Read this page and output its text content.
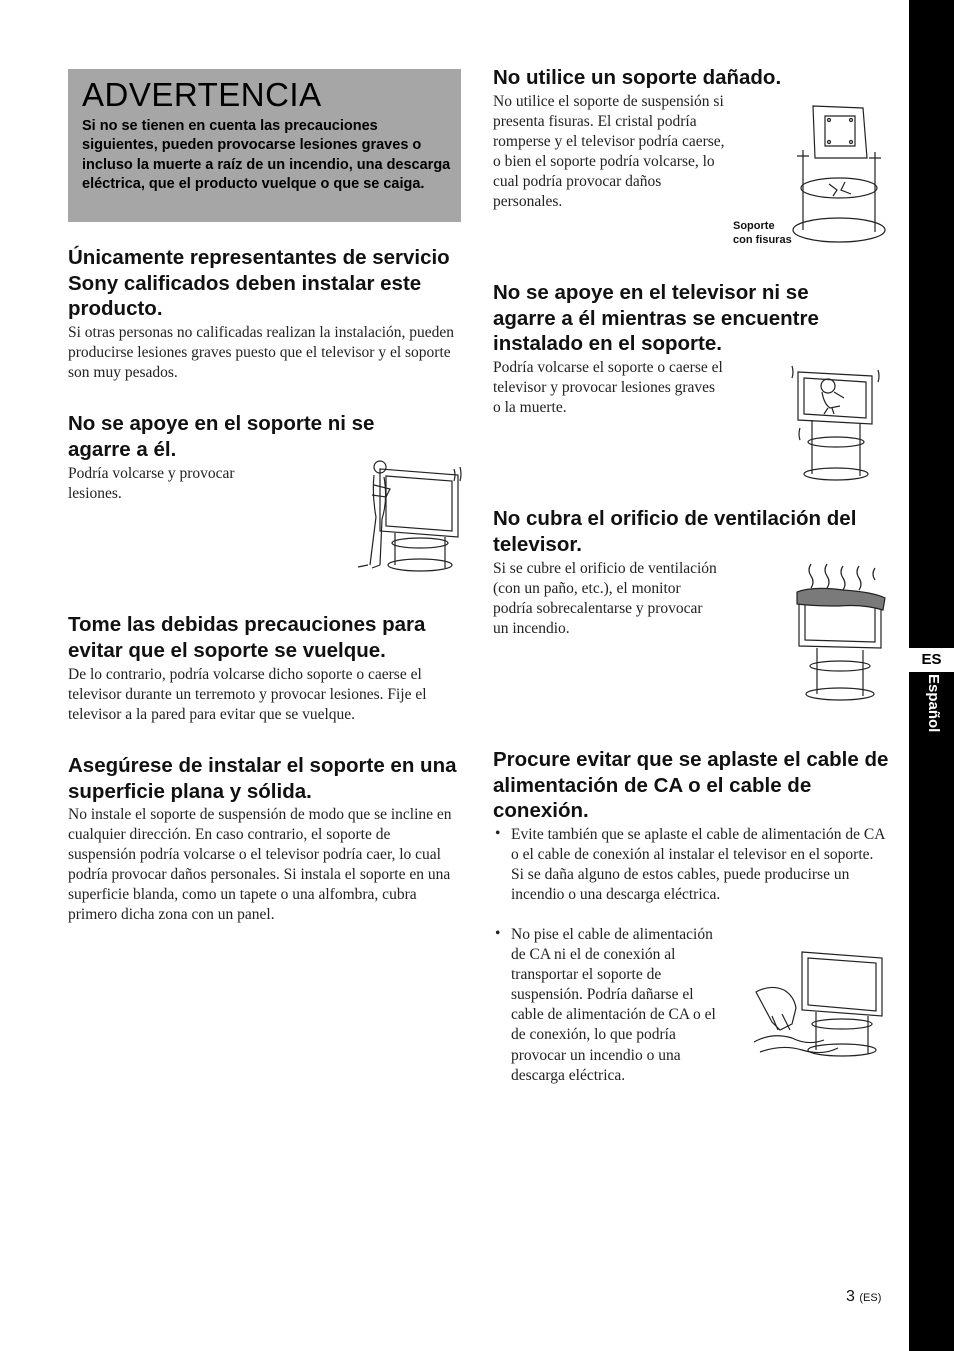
ES
Español
ADVERTENCIA

Si no se tienen en cuenta las precauciones siguientes, pueden provocarse lesiones graves o incluso la muerte a raíz de un incendio, una descarga eléctrica, que el producto vuelque o que se caiga.

Únicamente representantes de servicio Sony calificados deben instalar este producto.

Si otras personas no calificadas realizan la instalación, pueden producirse lesiones graves puesto que el televisor y el soporte son muy pesados.

No se apoye en el soporte ni se agarre a él.

Podría volcarse y provocar lesiones.

Tome las debidas precauciones para evitar que el soporte se vuelque.

De lo contrario, podría volcarse dicho soporte o caerse el televisor durante un terremoto y provocar lesiones. Fije el televisor a la pared para evitar que se vuelque.

Asegúrese de instalar el soporte en una superficie plana y sólida.

No instale el soporte de suspensión de modo que se incline en cualquier dirección. En caso contrario, el soporte de suspensión podría volcarse o el televisor podría caer, lo cual podría provocar daños personales. Si instala el soporte en una superficie blanda, como un tapete o una alfombra, cubra primero dicha zona con un panel.

No utilice un soporte dañado.

No utilice el soporte de suspensión si presenta fisuras. El cristal podría romperse y el televisor podría caerse, o bien el soporte podría volcarse, lo cual podría provocar daños personales.

Soporte
con fisuras
No se apoye en el televisor ni se agarre a él mientras se encuentre instalado en el soporte.

Podría volcarse el soporte o caerse el televisor y provocar lesiones graves o la muerte.

No cubra el orificio de ventilación del televisor.

Si se cubre el orificio de ventilación (con un paño, etc.), el monitor podría sobrecalentarse y provocar un incendio.

Procure evitar que se aplaste el cable de alimentación de CA o el cable de conexión.
• Evite también que se aplaste el cable de alimentación de CA o el cable de conexión al instalar el televisor en el soporte. Si se daña alguno de estos cables, puede producirse un incendio o una descarga eléctrica.

• No pise el cable de alimentación de CA ni el de conexión al transportar el soporte de suspensión. Podría dañarse el cable de alimentación de CA o el de conexión, lo que podría provocar un incendio o una descarga eléctrica.

3 (ES)
